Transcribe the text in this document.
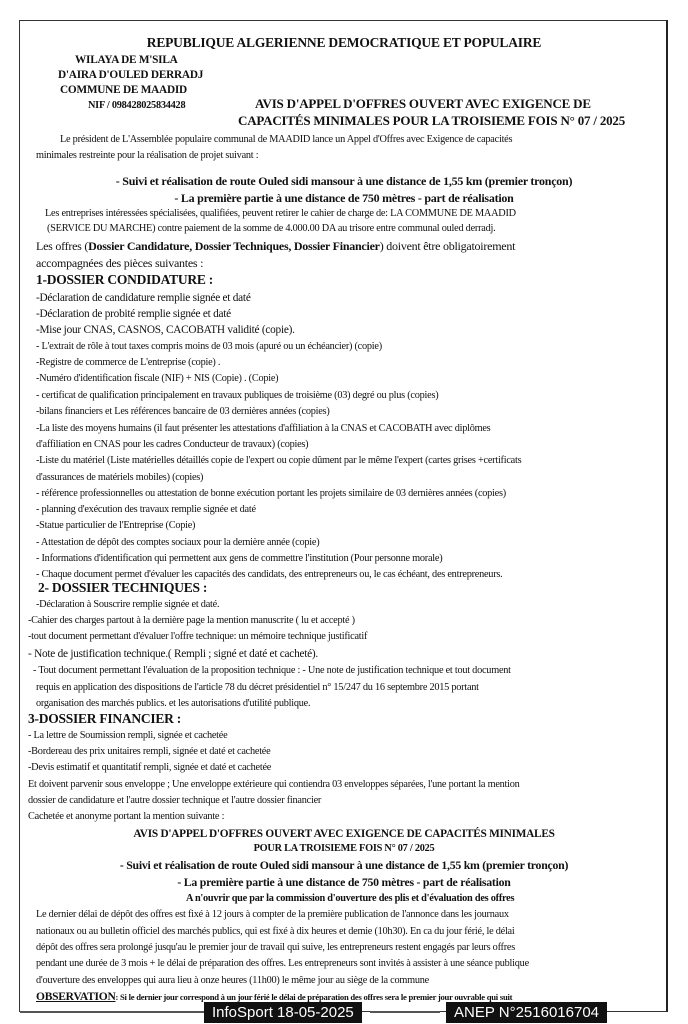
REPUBLIQUE ALGERIENNE DEMOCRATIQUE ET POPULAIRE
WILAYA DE M'SILA
D'AIRA D'OULED DERRADJ
COMMUNE DE MAADID
NIF / 098428025834428	AVIS D'APPEL D'OFFRES OUVERT AVEC EXIGENCE DE
CAPACITÉS MINIMALES POUR LA TROISIEME FOIS N° 07 / 2025
Le président de L'Assemblée populaire communal de MAADID lance un Appel d'Offres avec Exigence de capacités
minimales restreinte pour la réalisation de projet suivant :
- Suivi et réalisation de route Ouled sidi mansour à une distance de 1,55 km (premier tronçon)
- La première partie à une distance de 750 mètres - part de réalisation
Les entreprises intéressées spécialisées, qualifiées, peuvent retirer le cahier de charge de: LA COMMUNE DE MAADID
(SERVICE DU MARCHE) contre paiement de la somme de 4.000.00 DA au trisore entre communal ouled derradj.
Les offres (Dossier Candidature, Dossier Techniques, Dossier Financier) doivent être obligatoirement
accompagnées des pièces suivantes :
1-DOSSIER CONDIDATURE :
-Déclaration de candidature remplie signée et daté
-Déclaration de probité remplie signée et daté
-Mise jour CNAS, CASNOS, CACOBATH validité (copie).
- L'extrait de rôle à tout taxes compris moins de 03 mois (apuré ou un échéancier) (copie)
-Registre de commerce de L'entreprise (copie) .
-Numéro d'identification fiscale (NIF) + NIS (Copie) . (Copie)
- certificat de qualification principalement en travaux publiques de troisième (03) degré ou plus (copies)
-bilans financiers et Les références bancaire de 03 dernières années (copies)
-La liste des moyens humains (il faut présenter les attestations d'affiliation à la CNAS et CACOBATH avec diplômes
d'affiliation en CNAS pour les cadres Conducteur de travaux) (copies)
-Liste du matériel (Liste matérielles détaillés copie de l'expert ou copie dûment par le même l'expert (cartes grises +certificats
d'assurances de matériels mobiles) (copies)
- référence professionnelles ou attestation de bonne exécution portant les projets similaire de 03 dernières années (copies)
- planning d'exécution des travaux remplie signée et daté
-Statue particulier de l'Entreprise (Copie)
- Attestation de dépôt des comptes sociaux pour la dernière année (copie)
- Informations d'identification qui permettent aux gens de commettre l'institution (Pour personne morale)
- Chaque document permet d'évaluer les capacités des candidats, des entrepreneurs ou, le cas échéant, des entrepreneurs.
2- DOSSIER TECHNIQUES :
-Déclaration à Souscrire remplie signée et daté.
-Cahier des charges partout à la dernière page la mention manuscrite ( lu et accepté )
-tout document permettant d'évaluer l'offre technique: un mémoire technique justificatif
- Note de justification technique.( Rempli ; signé et daté et cacheté).
- Tout document permettant l'évaluation de la proposition technique : - Une note de justification technique et tout document
requis en application des dispositions de l'article 78 du décret présidentiel n° 15/247 du 16 septembre 2015 portant
organisation des marchés publics. et les autorisations d'utilité publique.
3-DOSSIER FINANCIER :
- La lettre de Soumission rempli, signée et cachetée
-Bordereau des prix unitaires rempli, signée et daté et cachetée
-Devis estimatif et quantitatif rempli, signée et daté et cachetée
Et doivent parvenir sous enveloppe ; Une enveloppe extérieure qui contiendra 03 enveloppes séparées, l'une portant la mention
dossier de candidature et l'autre dossier technique et l'autre dossier financier
Cachetée et anonyme portant la mention suivante :
AVIS D'APPEL D'OFFRES OUVERT AVEC EXIGENCE DE CAPACITÉS MINIMALES
POUR LA TROISIEME FOIS N° 07 / 2025
- Suivi et réalisation de route Ouled sidi mansour à une distance de 1,55 km (premier tronçon)
- La première partie à une distance de 750 mètres - part de réalisation
A n'ouvrir que par la commission d'ouverture des plis et d'évaluation des offres
Le dernier délai de dépôt des offres est fixé à 12 jours à compter de la première publication de l'annonce dans les journaux
nationaux ou au bulletin officiel des marchés publics, qui est fixé à dix heures et demie (10h30). En ca du jour férié, le délai
dépôt des offres sera prolongé jusqu'au le premier jour de travail qui suive, les entrepreneurs restent engagés par leurs offres
pendant une durée de 3 mois + le délai de préparation des offres. Les entrepreneurs sont invités à assister à une séance publique
d'ouverture des enveloppes qui aura lieu à onze heures (11h00) le même jour au siège de la commune
OBSERVATION: Si le dernier jour correspond à un jour férié le délai de préparation des offres sera le premier jour ouvrable qui suit
InfoSport 18-05-2025	ANEP N°2516016704
